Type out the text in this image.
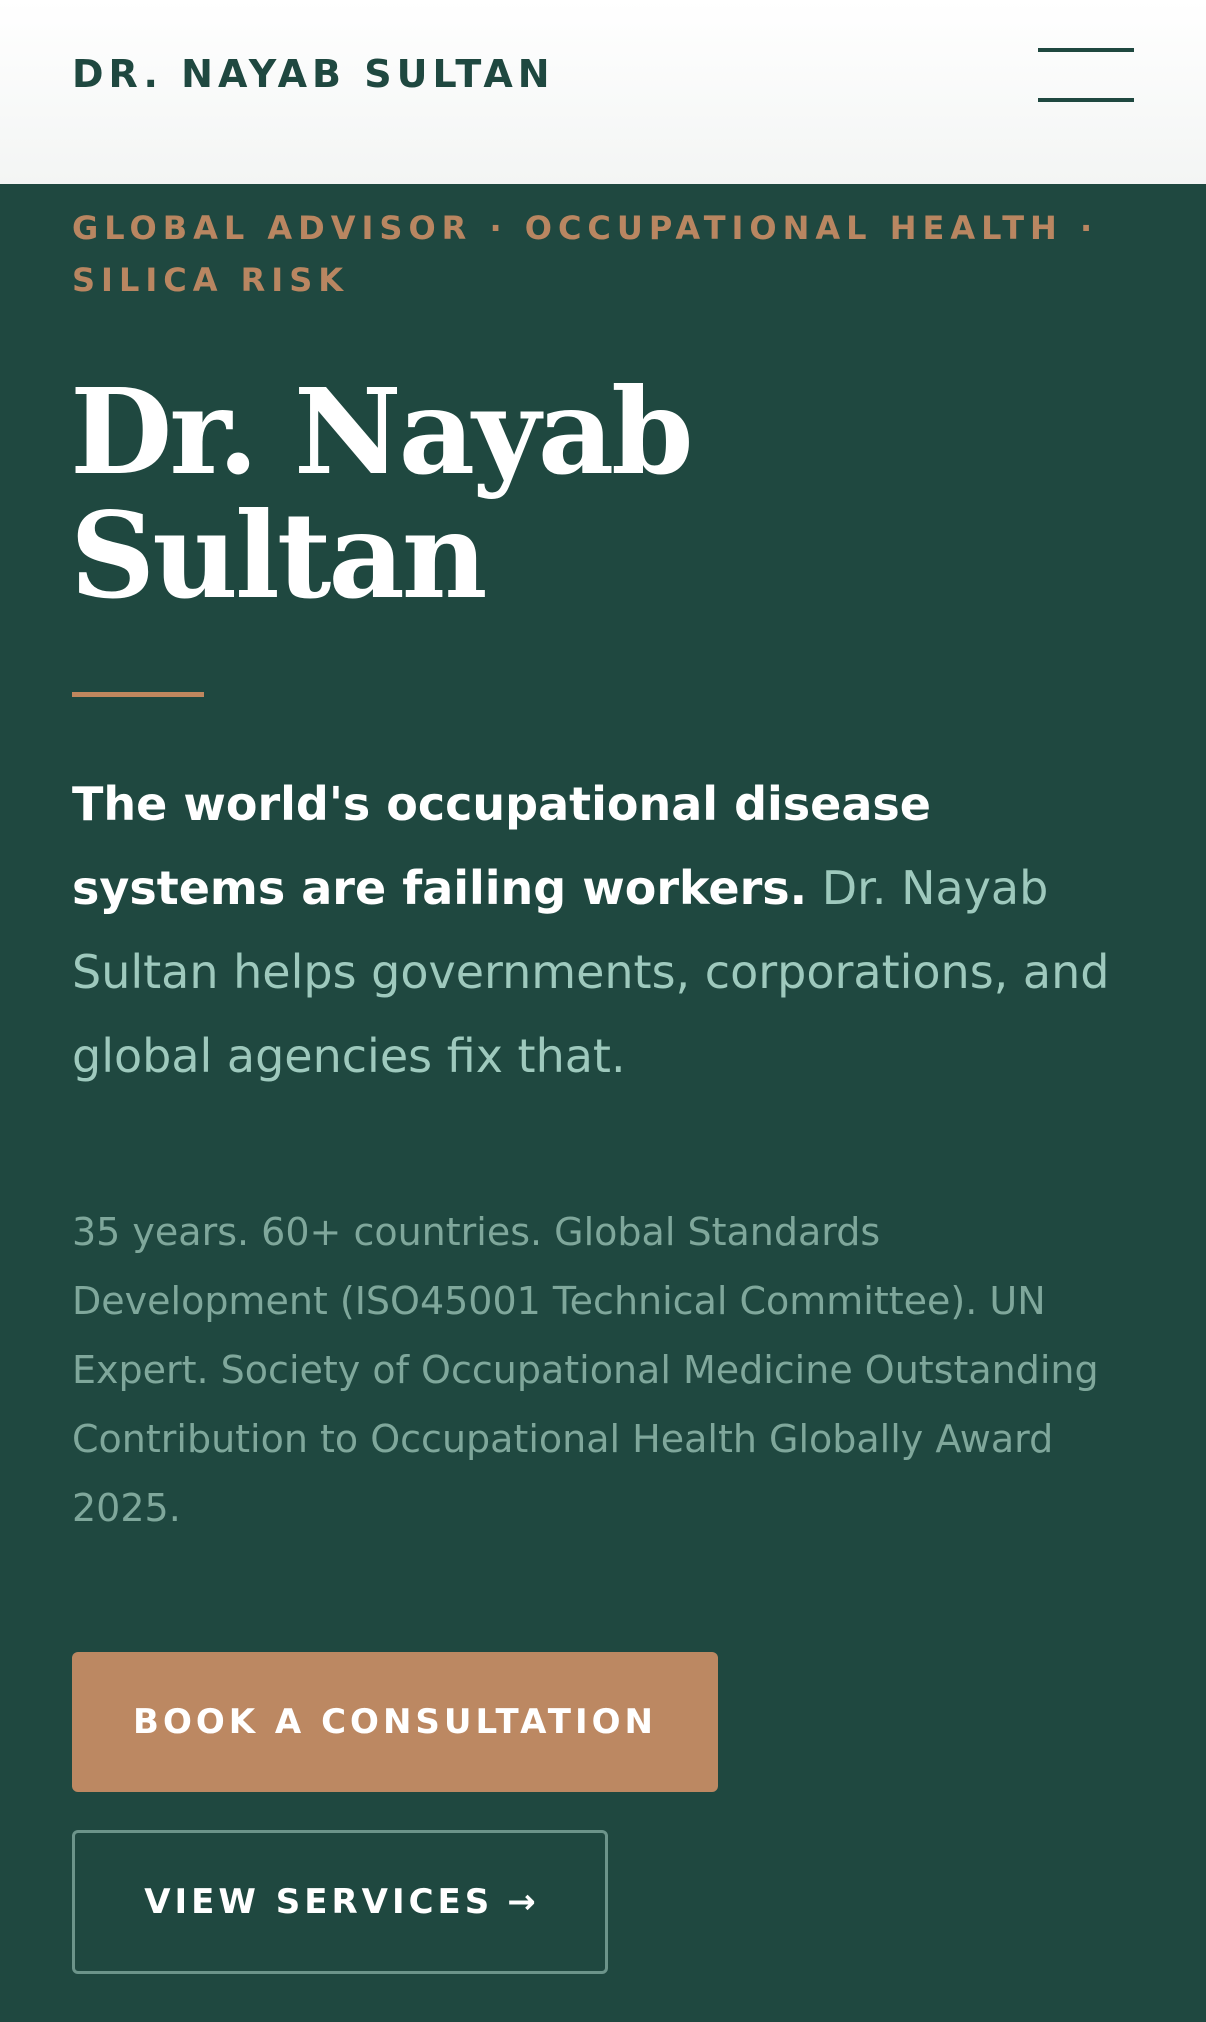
DR. NAYAB SULTAN
GLOBAL ADVISOR · OCCUPATIONAL HEALTH · SILICA RISK
Dr. Nayab
Sultan
The world's occupational disease systems are failing workers. Dr. Nayab Sultan helps governments, corporations, and global agencies fix that.
35 years. 60+ countries. Global Standards Development (ISO45001 Technical Committee). UN Expert. Society of Occupational Medicine Outstanding Contribution to Occupational Health Globally Award 2025.
BOOK A CONSULTATION
VIEW SERVICES →
